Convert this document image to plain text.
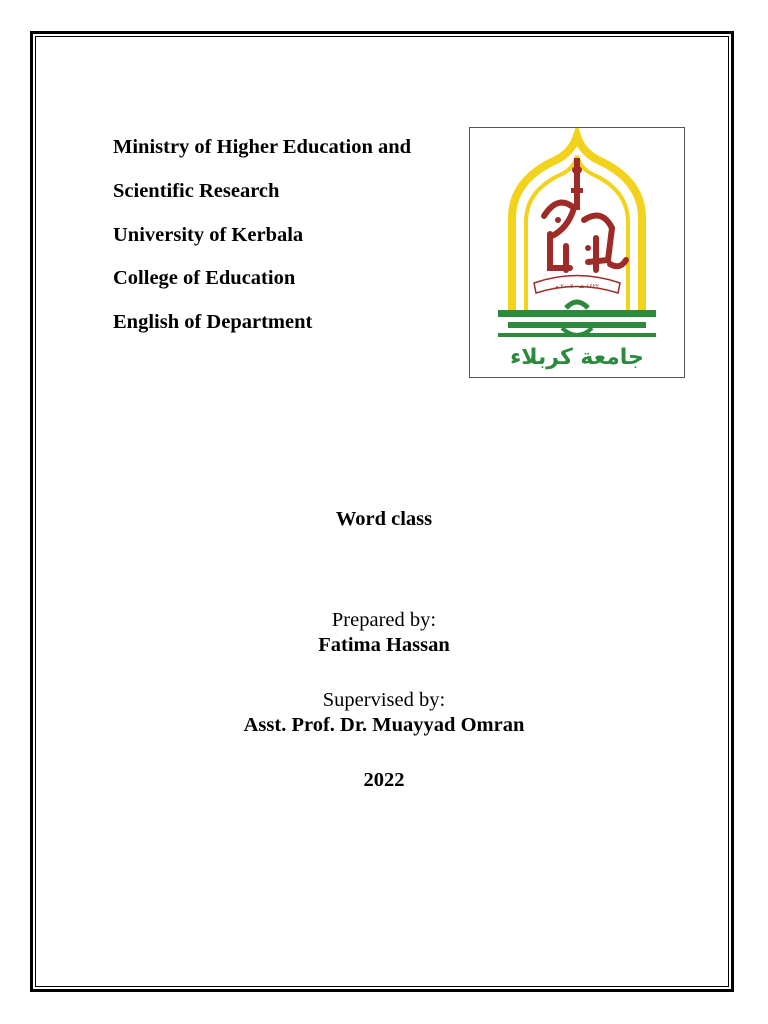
Ministry of Higher Education and
Scientific Research
University of Kerbala
College of Education
English of Department
١٤٢٢ هـ - ٢٠٠٢ م
جامعة كربلاء
Word class
Prepared by:
Fatima Hassan
Supervised by:
Asst. Prof. Dr. Muayyad Omran
2022
